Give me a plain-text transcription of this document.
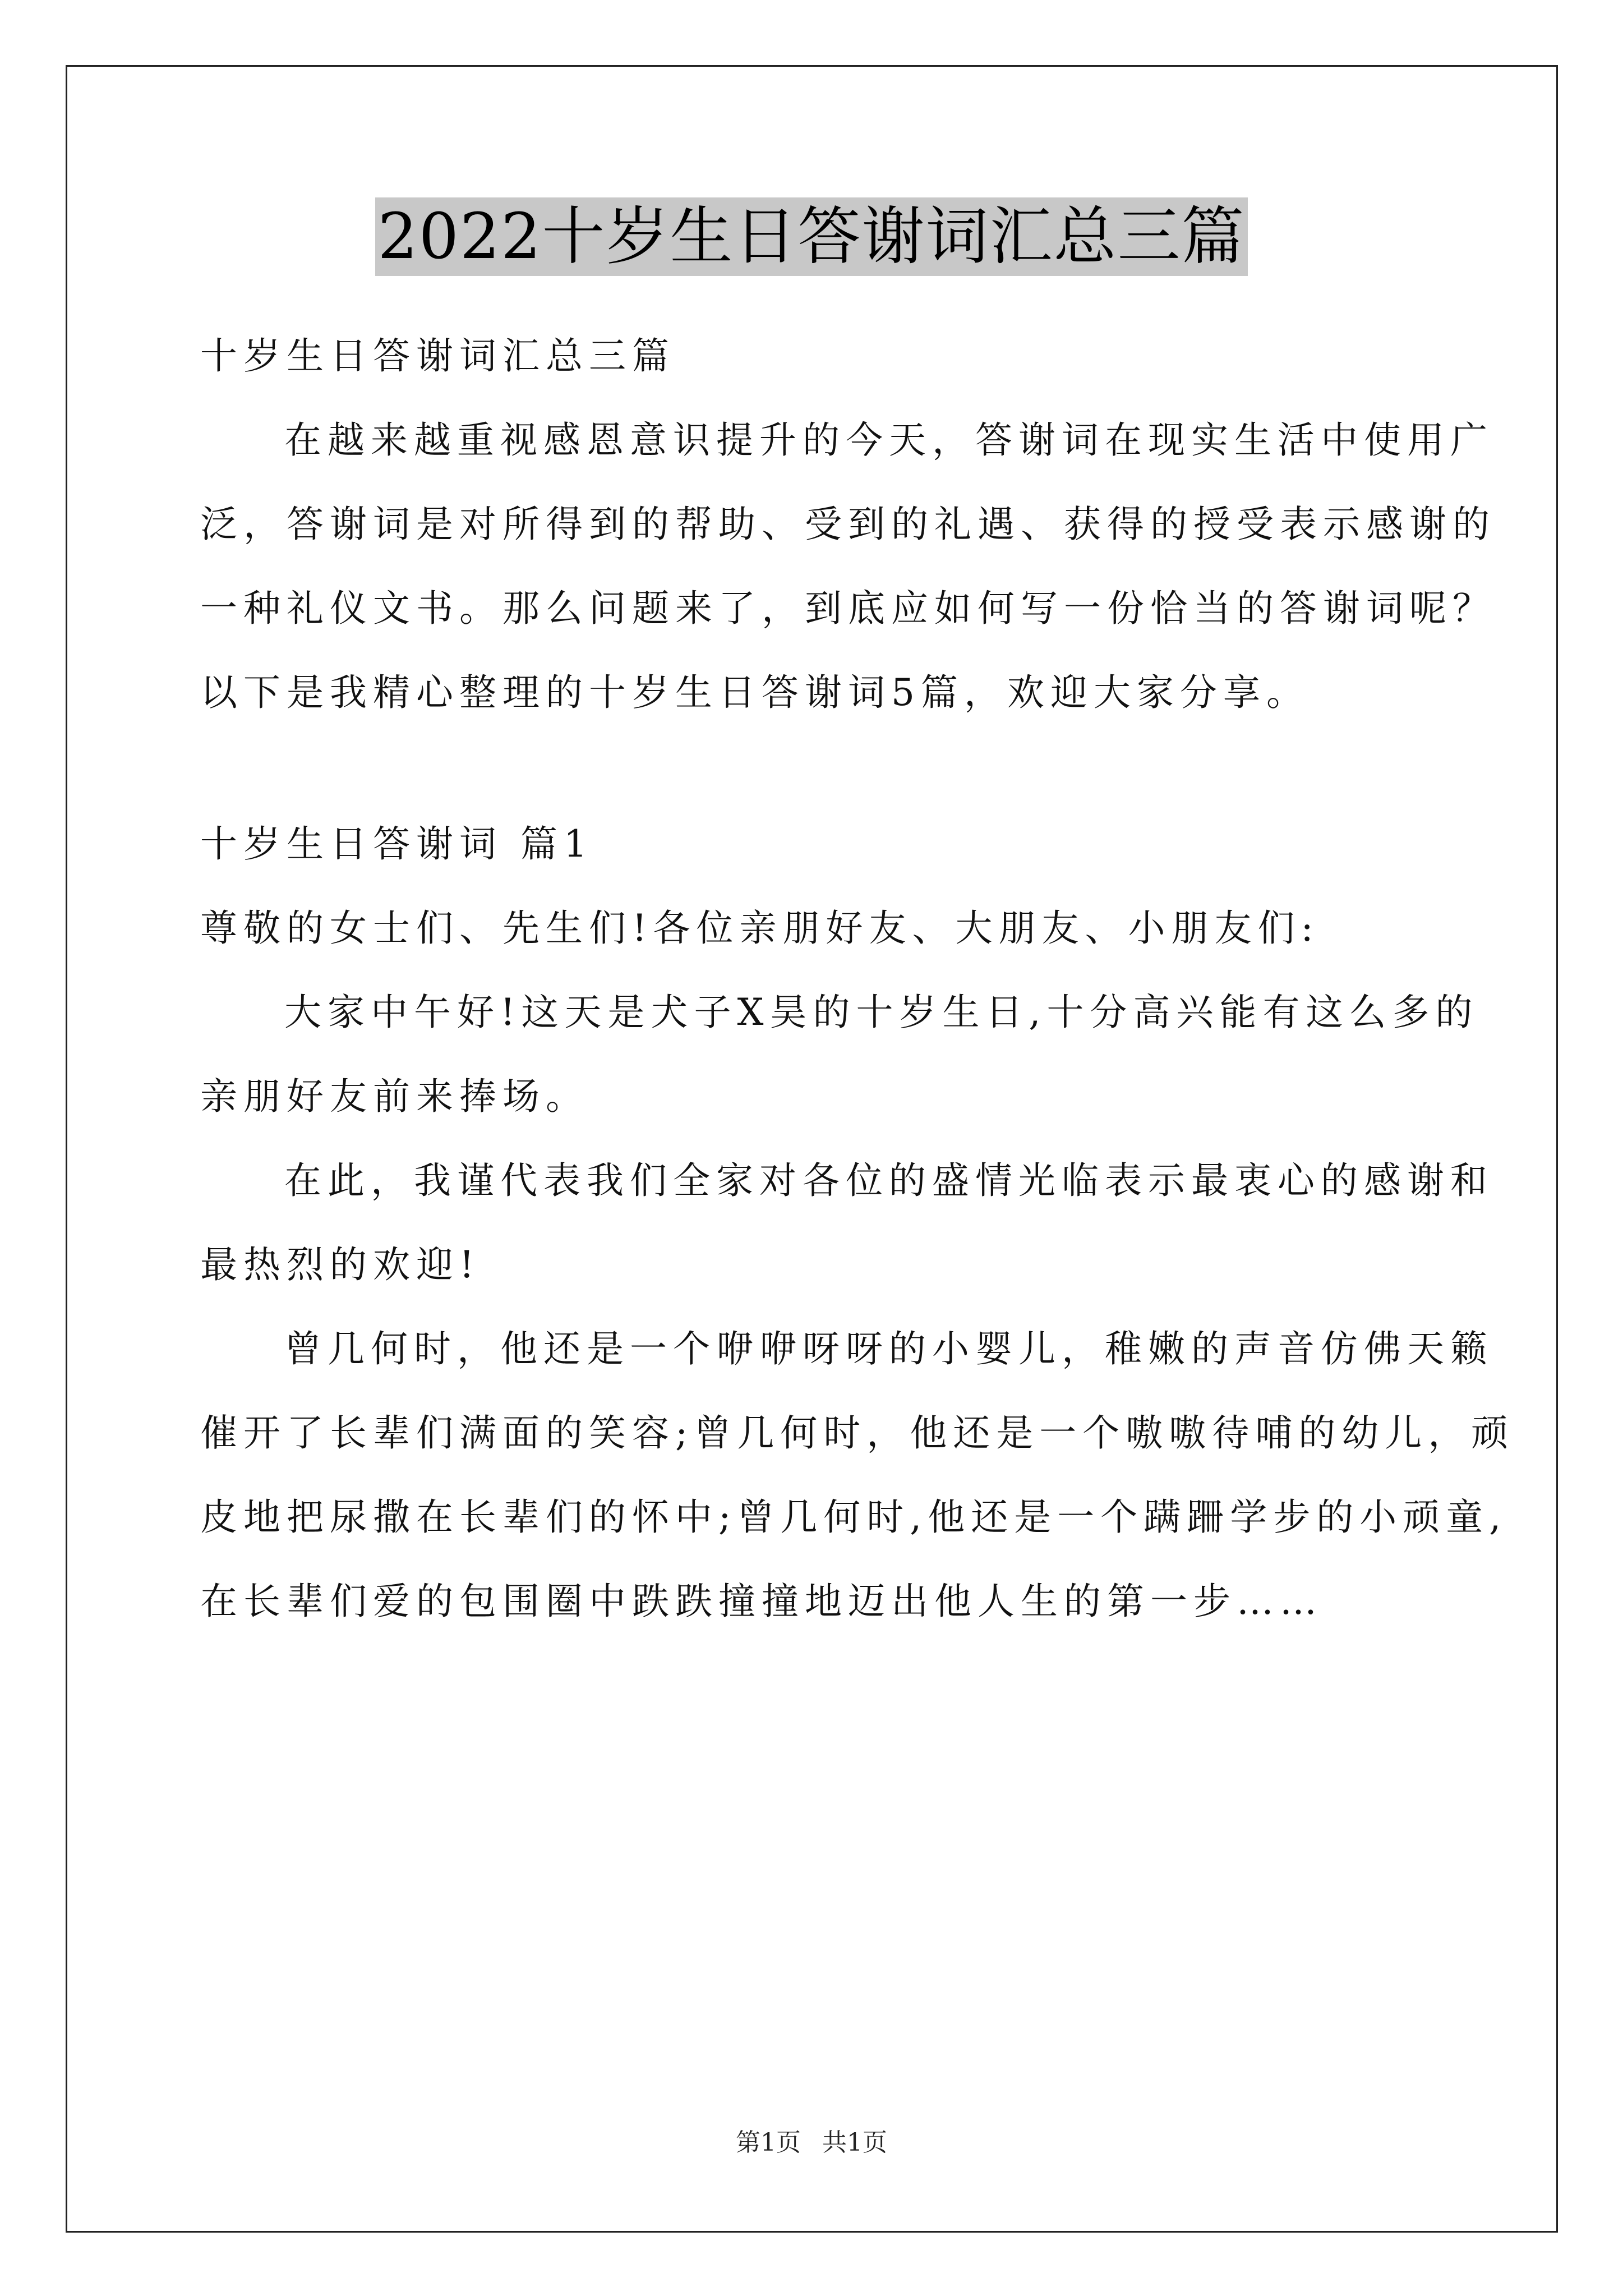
2022十岁生日答谢词汇总三篇
十岁生日答谢词汇总三篇
在越来越重视感恩意识提升的今天，答谢词在现实生活中使用广
泛，答谢词是对所得到的帮助、受到的礼遇、获得的授受表示感谢的
一种礼仪文书。那么问题来了，到底应如何写一份恰当的答谢词呢？
以下是我精心整理的十岁生日答谢词5篇，欢迎大家分享。
十岁生日答谢词 篇1
尊敬的女士们、先生们!各位亲朋好友、大朋友、小朋友们:
大家中午好!这天是犬子X昊的十岁生日,十分高兴能有这么多的
亲朋好友前来捧场。
在此，我谨代表我们全家对各位的盛情光临表示最衷心的感谢和
最热烈的欢迎!
曾几何时，他还是一个咿咿呀呀的小婴儿，稚嫩的声音仿佛天籁
催开了长辈们满面的笑容;曾几何时，他还是一个嗷嗷待哺的幼儿，顽
皮地把尿撒在长辈们的怀中;曾几何时,他还是一个蹒跚学步的小顽童,
在长辈们爱的包围圈中跌跌撞撞地迈出他人生的第一步……
第1页 共1页
